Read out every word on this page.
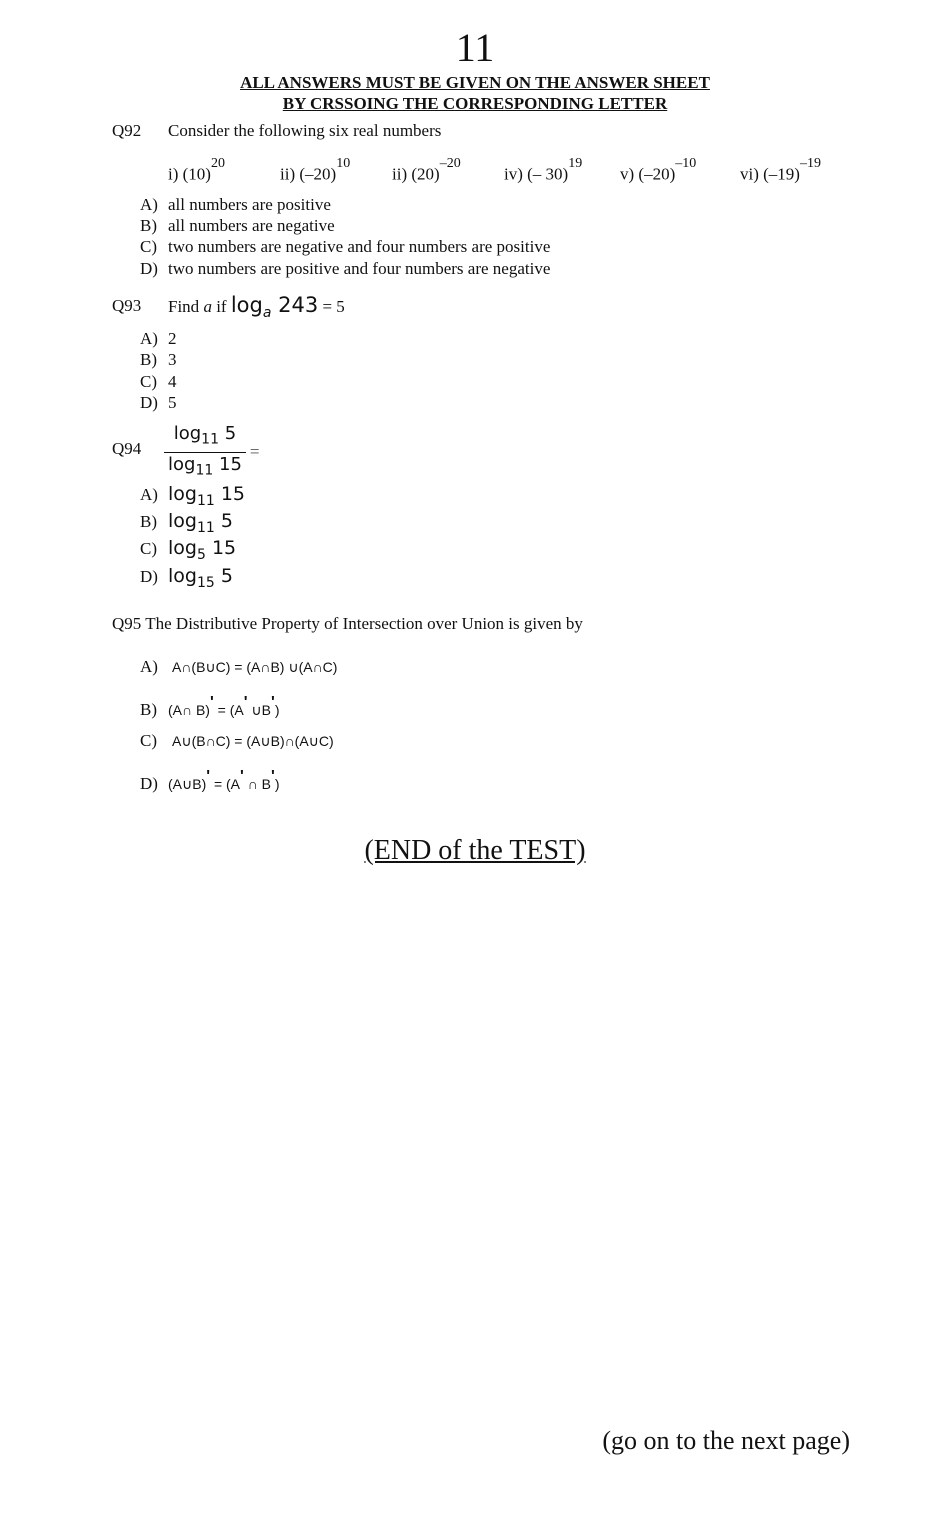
11
ALL ANSWERS MUST BE GIVEN ON THE ANSWER SHEET
BY CRSSOING THE CORRESPONDING LETTER
Q92 Consider the following six real numbers
i) $(10)^{20}$
ii) $(-20)^{10}$
ii) $(20)^{-20}$
iv) (– 30)$^{19}$
v) $(-20)^{-10}$
vi) $(-19)^{-19}$
A) all numbers are positive
B) all numbers are negative
C) two numbers are negative and four numbers are positive
D) two numbers are positive and four numbers are negative
Q93 Find a if $\log_a 243 = 5$
A) 2
B) 3
C) 4
D) 5
$Q94 \frac{\log_{11} 5}{\log_{11} 15}$ =
A) $\log_{11} 15$
B) $\log_{11} 5$
C) $\log_5 15$
D) $\log_{15} 5$
Q95 The Distributive Property of Intersection over Union is given by
A) A∩(B∪C) = (A∩B) ∪(A∩C)
B) (A∩ B)' = (A' ∪B')
C) A∪(B∩C) = (A∪B)∩(A∪C)
D) (A∪B)' = (A' ∩ B')
(END of the TEST)
(go on to the next page)
